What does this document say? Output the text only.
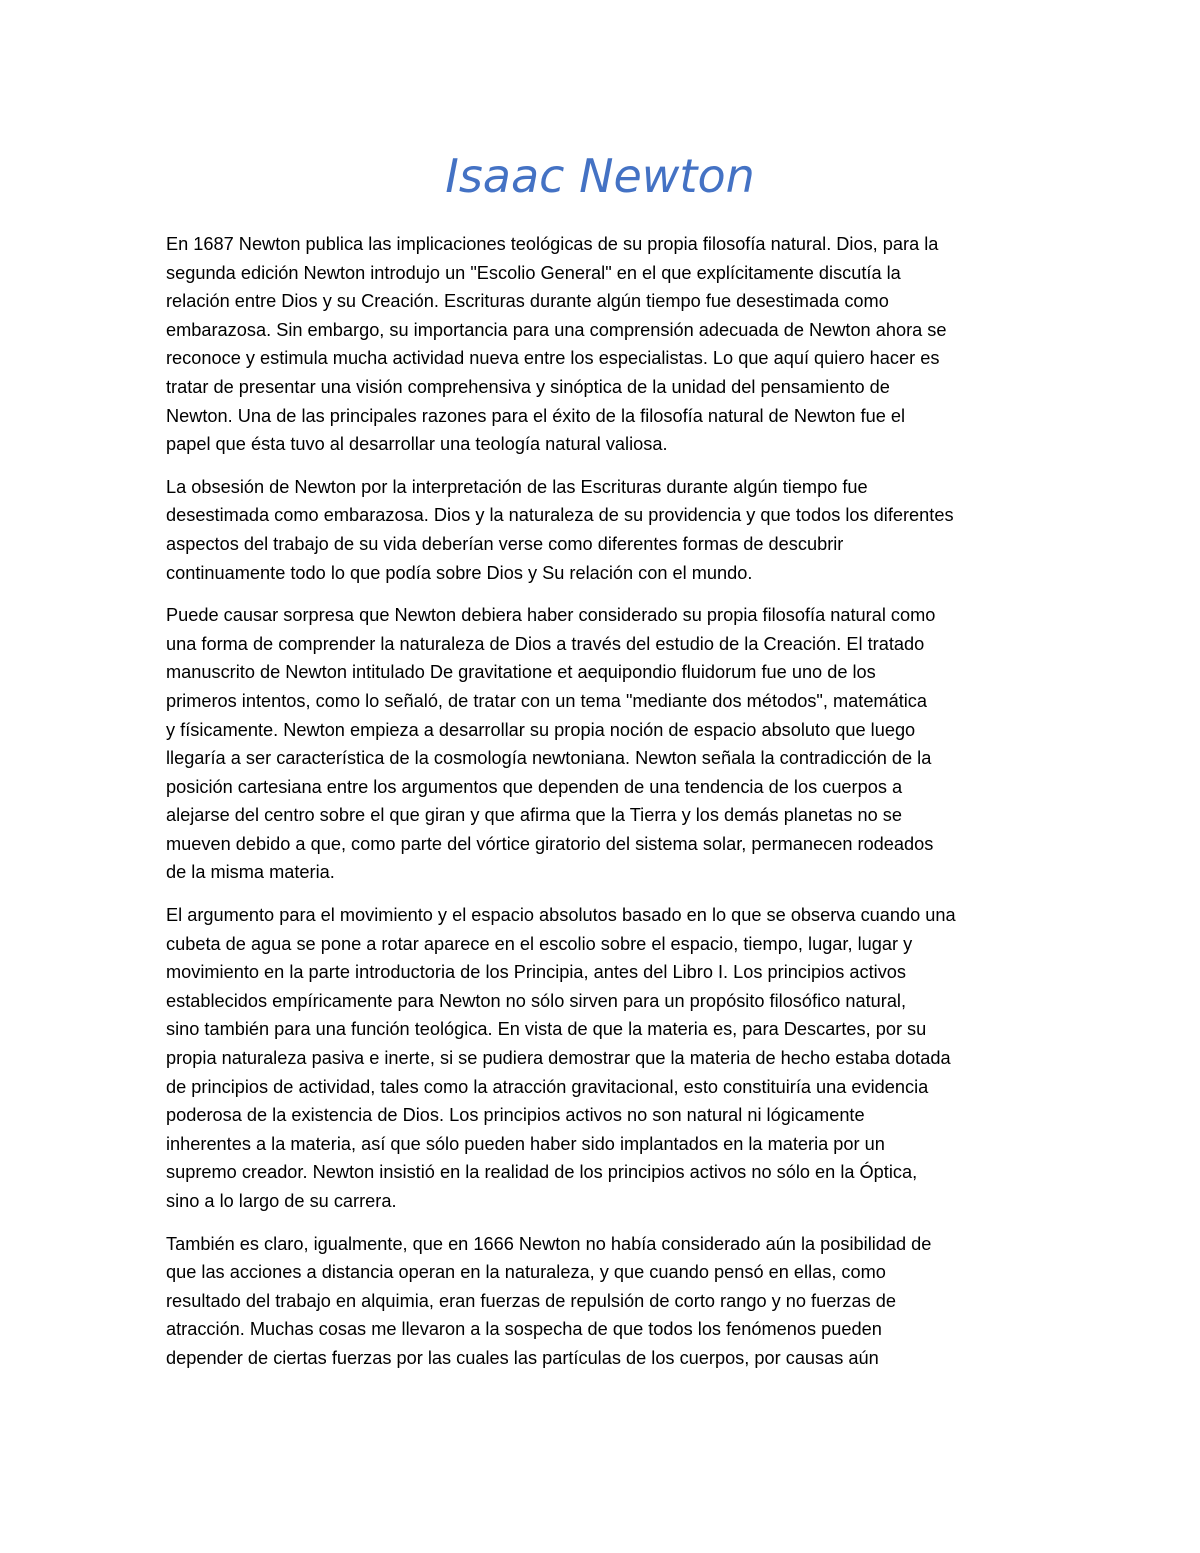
Isaac Newton

En 1687 Newton publica las implicaciones teológicas de su propia filosofía natural. Dios, para la
segunda edición Newton introdujo un "Escolio General" en el que explícitamente discutía la
relación entre Dios y su Creación. Escrituras durante algún tiempo fue desestimada como
embarazosa. Sin embargo, su importancia para una comprensión adecuada de Newton ahora se
reconoce y estimula mucha actividad nueva entre los especialistas. Lo que aquí quiero hacer es
tratar de presentar una visión comprehensiva y sinóptica de la unidad del pensamiento de
Newton. Una de las principales razones para el éxito de la filosofía natural de Newton fue el
papel que ésta tuvo al desarrollar una teología natural valiosa.

La obsesión de Newton por la interpretación de las Escrituras durante algún tiempo fue
desestimada como embarazosa. Dios y la naturaleza de su providencia y que todos los diferentes
aspectos del trabajo de su vida deberían verse como diferentes formas de descubrir
continuamente todo lo que podía sobre Dios y Su relación con el mundo.

Puede causar sorpresa que Newton debiera haber considerado su propia filosofía natural como
una forma de comprender la naturaleza de Dios a través del estudio de la Creación. El tratado
manuscrito de Newton intitulado De gravitatione et aequipondio fluidorum fue uno de los
primeros intentos, como lo señaló, de tratar con un tema "mediante dos métodos", matemática
y físicamente. Newton empieza a desarrollar su propia noción de espacio absoluto que luego
llegaría a ser característica de la cosmología newtoniana. Newton señala la contradicción de la
posición cartesiana entre los argumentos que dependen de una tendencia de los cuerpos a
alejarse del centro sobre el que giran y que afirma que la Tierra y los demás planetas no se
mueven debido a que, como parte del vórtice giratorio del sistema solar, permanecen rodeados
de la misma materia.

El argumento para el movimiento y el espacio absolutos basado en lo que se observa cuando una
cubeta de agua se pone a rotar aparece en el escolio sobre el espacio, tiempo, lugar, lugar y
movimiento en la parte introductoria de los Principia, antes del Libro I. Los principios activos
establecidos empíricamente para Newton no sólo sirven para un propósito filosófico natural,
sino también para una función teológica. En vista de que la materia es, para Descartes, por su
propia naturaleza pasiva e inerte, si se pudiera demostrar que la materia de hecho estaba dotada
de principios de actividad, tales como la atracción gravitacional, esto constituiría una evidencia
poderosa de la existencia de Dios. Los principios activos no son natural ni lógicamente
inherentes a la materia, así que sólo pueden haber sido implantados en la materia por un
supremo creador. Newton insistió en la realidad de los principios activos no sólo en la Óptica,
sino a lo largo de su carrera.

También es claro, igualmente, que en 1666 Newton no había considerado aún la posibilidad de
que las acciones a distancia operan en la naturaleza, y que cuando pensó en ellas, como
resultado del trabajo en alquimia, eran fuerzas de repulsión de corto rango y no fuerzas de
atracción. Muchas cosas me llevaron a la sospecha de que todos los fenómenos pueden
depender de ciertas fuerzas por las cuales las partículas de los cuerpos, por causas aún
